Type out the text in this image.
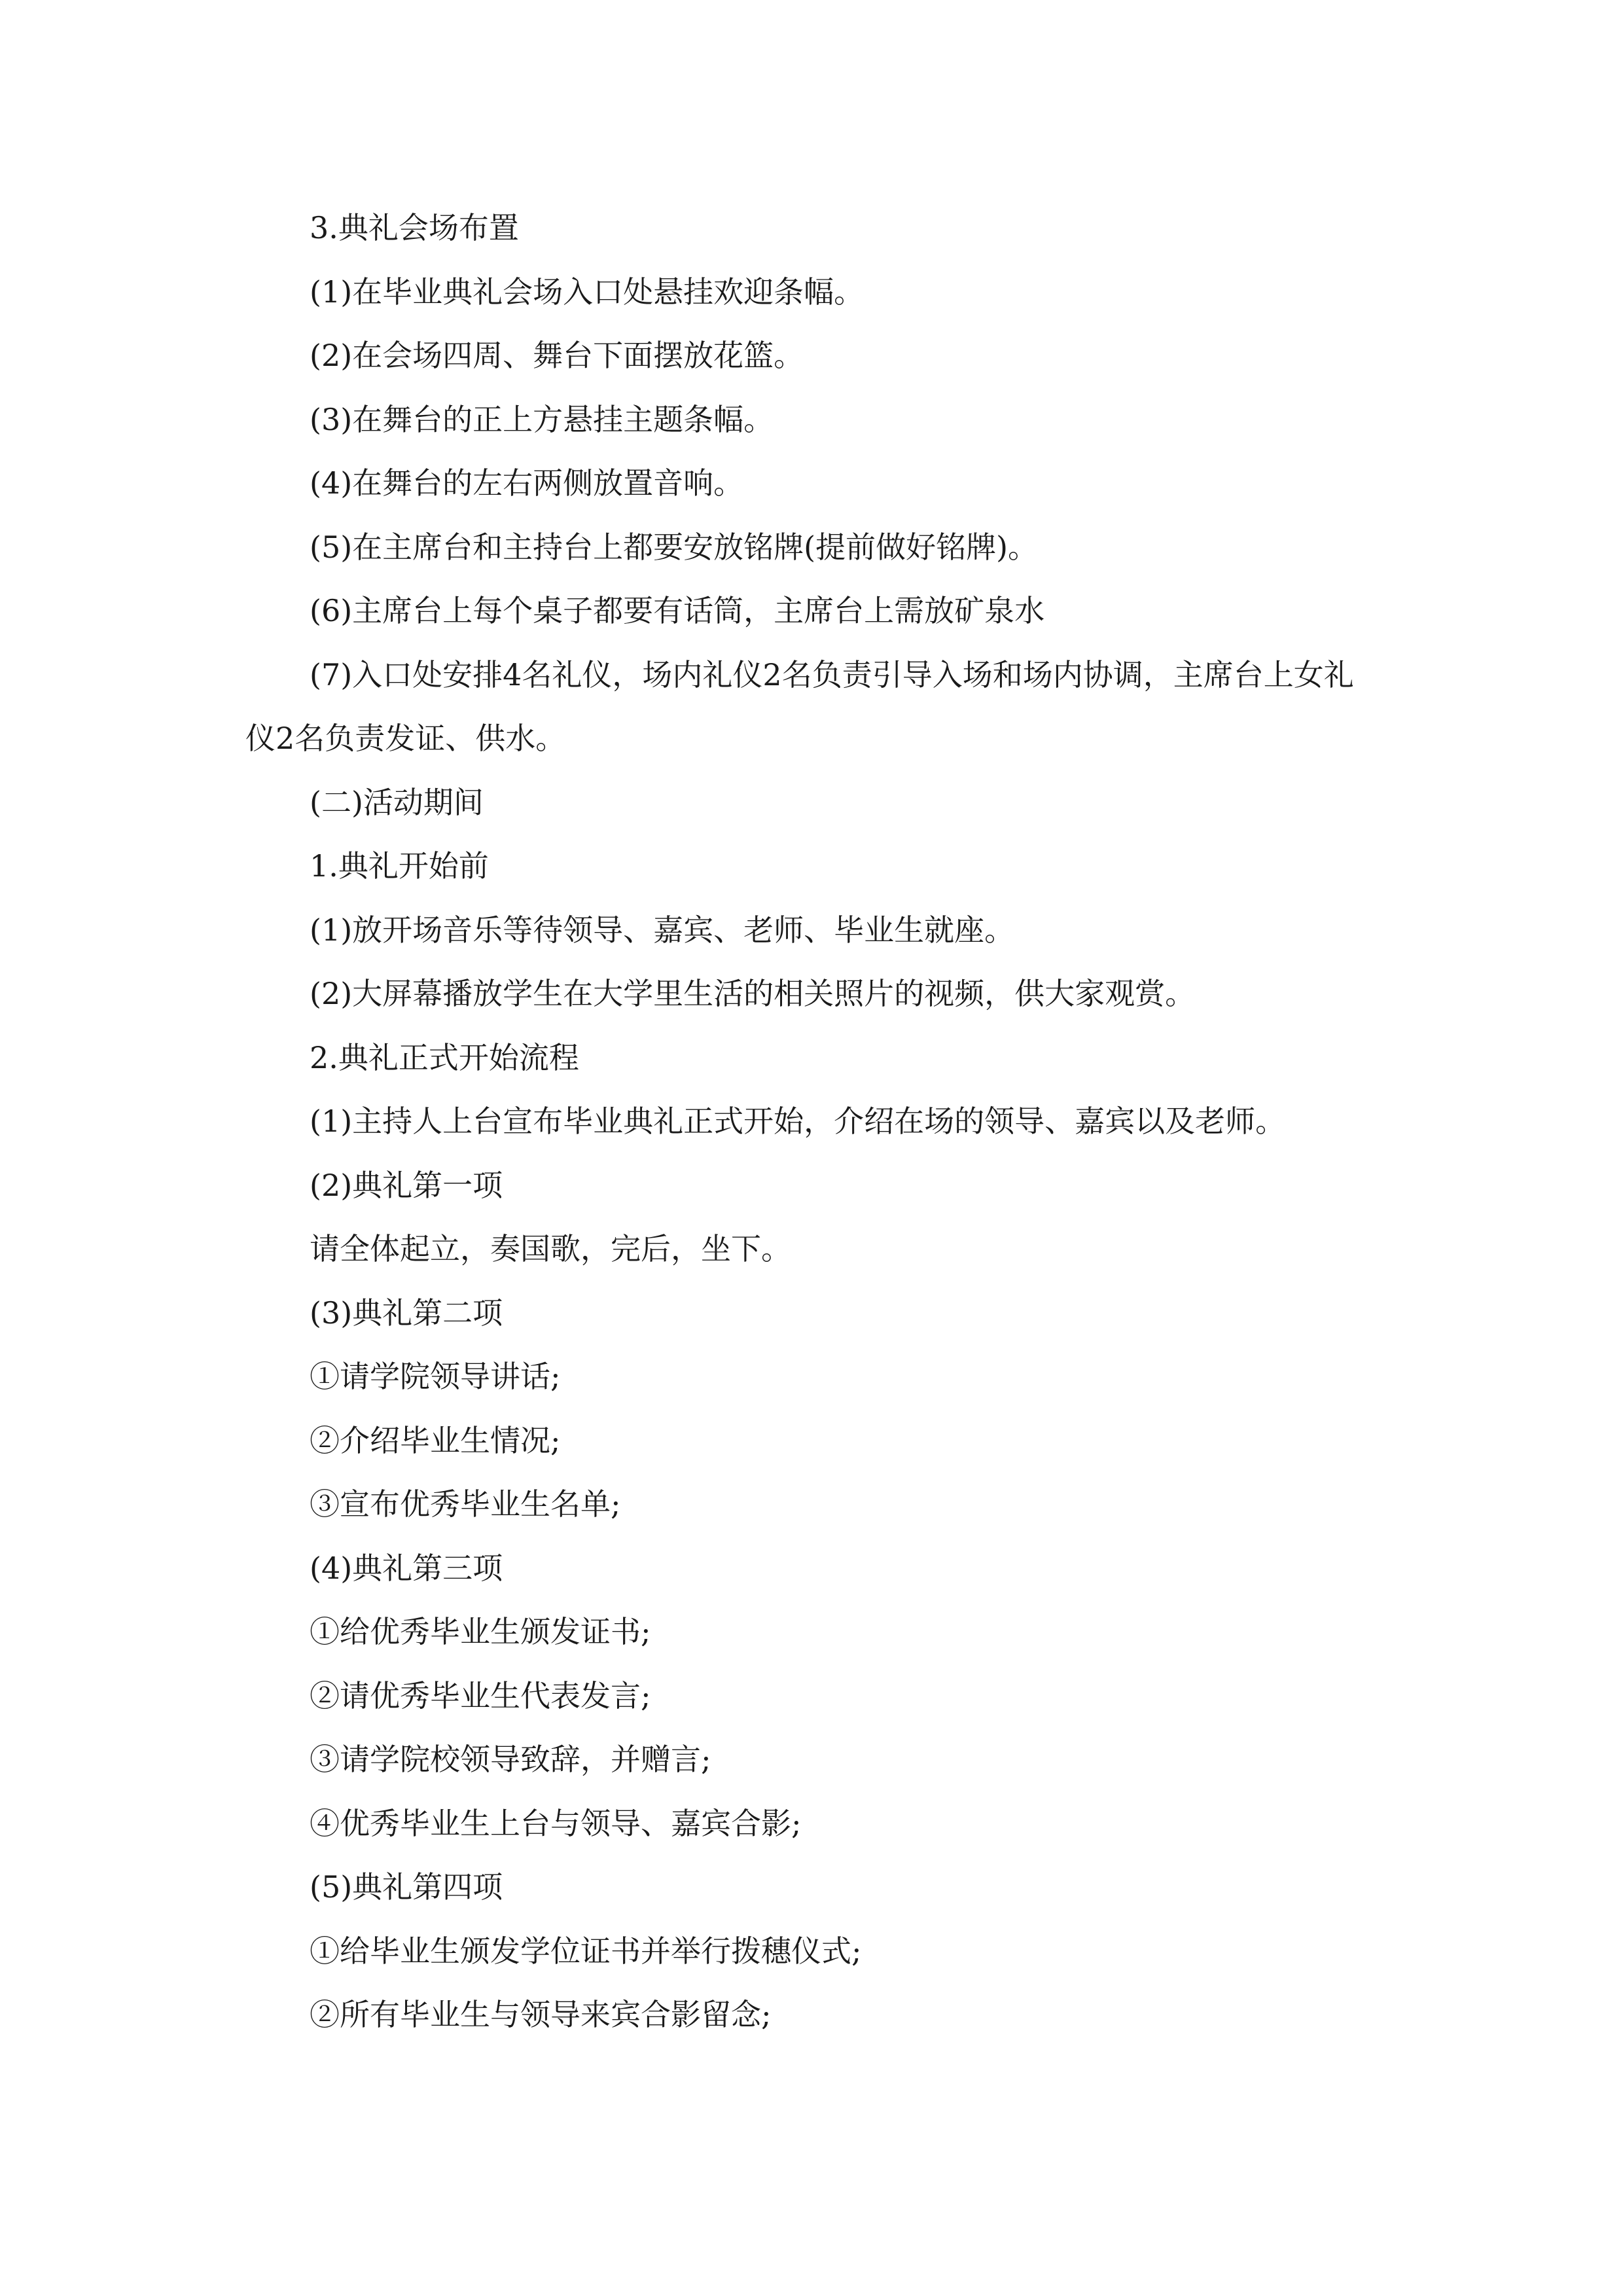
3.典礼会场布置

(1)在毕业典礼会场入口处悬挂欢迎条幅。

(2)在会场四周、舞台下面摆放花篮。

(3)在舞台的正上方悬挂主题条幅。

(4)在舞台的左右两侧放置音响。

(5)在主席台和主持台上都要安放铭牌(提前做好铭牌)。

(6)主席台上每个桌子都要有话筒，主席台上需放矿泉水

(7)入口处安排4名礼仪，场内礼仪2名负责引导入场和场内协调，主席台上女礼仪2名负责发证、供水。

(二)活动期间

1.典礼开始前

(1)放开场音乐等待领导、嘉宾、老师、毕业生就座。

(2)大屏幕播放学生在大学里生活的相关照片的视频，供大家观赏。

2.典礼正式开始流程

(1)主持人上台宣布毕业典礼正式开始，介绍在场的领导、嘉宾以及老师。

(2)典礼第一项

请全体起立，奏国歌，完后，坐下。

(3)典礼第二项

①请学院领导讲话;

②介绍毕业生情况;

③宣布优秀毕业生名单;

(4)典礼第三项

①给优秀毕业生颁发证书;

②请优秀毕业生代表发言;

③请学院校领导致辞，并赠言;

④优秀毕业生上台与领导、嘉宾合影;

(5)典礼第四项

①给毕业生颁发学位证书并举行拨穗仪式;

②所有毕业生与领导来宾合影留念;
